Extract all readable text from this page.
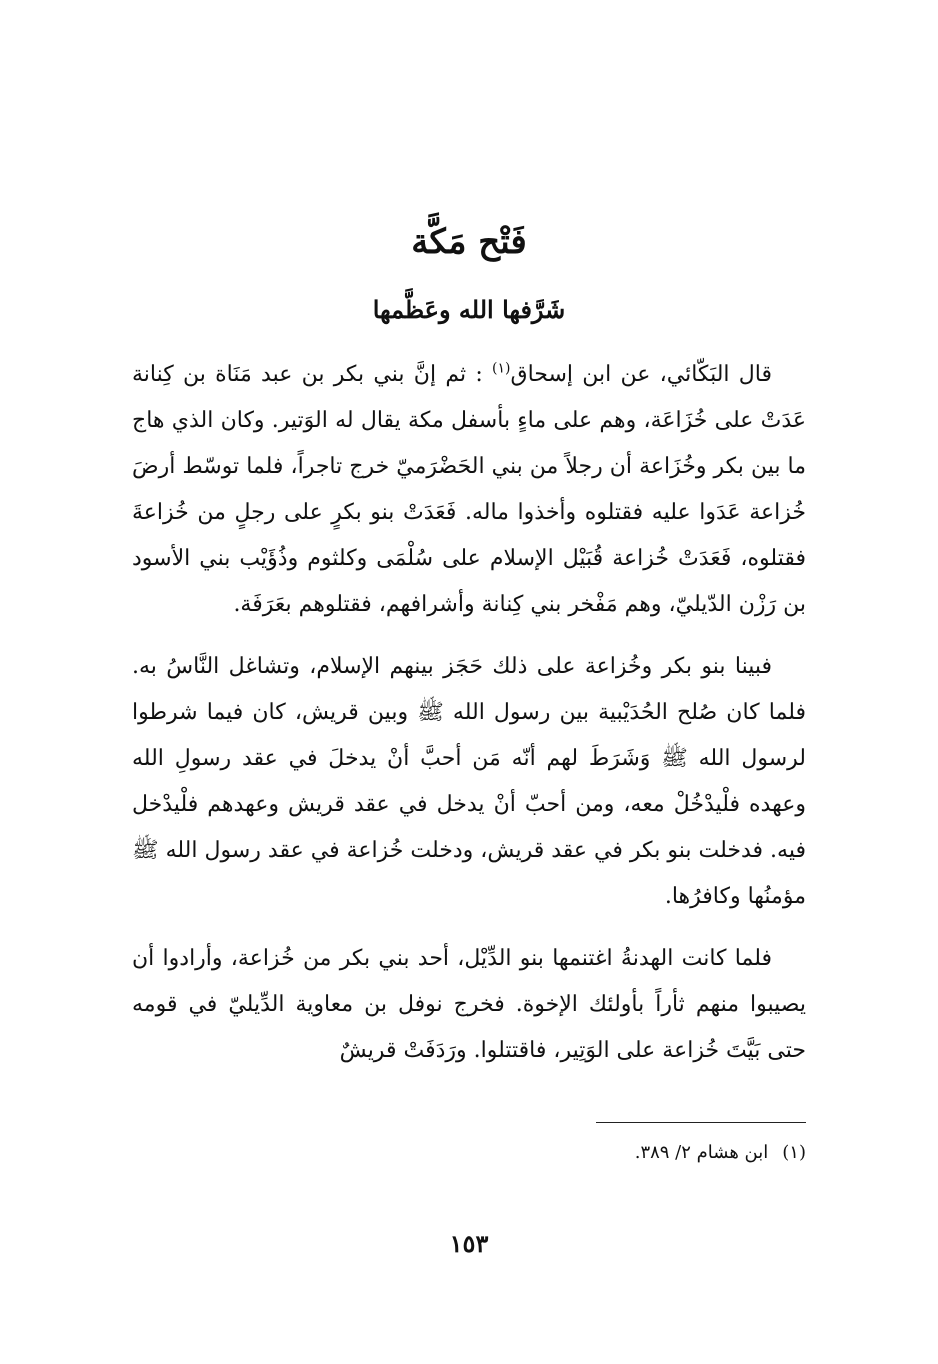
فَتْح مَكَّة
شَرَّفها الله وعَظَّمها

قال البَكّائي، عن ابن إسحاق$^{(١)}$ : ثم إنَّ بني بكر بن عبد مَنَاة بن كِنانة عَدَتْ على خُزَاعَة، وهم على ماءٍ بأسفل مكة يقال له الوَتير. وكان الذي هاج ما بين بكر وخُزَاعة أن رجلاً من بني الحَضْرَميّ خرج تاجراً، فلما توسّط أرضَ خُزاعة عَدَوا عليه فقتلوه وأخذوا ماله. فَعَدَتْ بنو بكرٍ على رجلٍ من خُزاعةَ فقتلوه، فَعَدَتْ خُزاعة قُبَيْل الإسلام على سُلْمَى وكلثوم وذُؤَيْب بني الأسود بن رَزْن الدّيليّ، وهم مَفْخر بني كِنانة وأشرافهم، فقتلوهم بعَرَفَة.

فبينا بنو بكر وخُزاعة على ذلك حَجَز بينهم الإسلام، وتشاغل النَّاسُ به. فلما كان صُلح الحُدَيْبية بين رسول الله ﷺ وبين قريش، كان فيما شرطوا لرسول الله ﷺ وَشَرَطَ لهم أنّه مَن أحبَّ أنْ يدخلَ في عقد رسولِ الله وعهده فلْيدْخُلْ معه، ومن أحبّ أنْ يدخل في عقد قريش وعهدهم فلْيدْخل فيه. فدخلت بنو بكر في عقد قريش، ودخلت خُزاعة في عقد رسول الله ﷺ مؤمنُها وكافرُها.

فلما كانت الهدنةُ اغتنمها بنو الدِّيْل، أحد بني بكر من خُزاعة، وأرادوا أن يصيبوا منهم ثأراً بأولئك الإخوة. فخرج نوفل بن معاوية الدِّيليّ في قومه حتى بَيَّتَ خُزاعة على الوَتِير، فاقتتلوا. ورَدَفَتْ قريشٌ

(١)ابن هشام ٢/ ٣٨٩.
١٥٣
